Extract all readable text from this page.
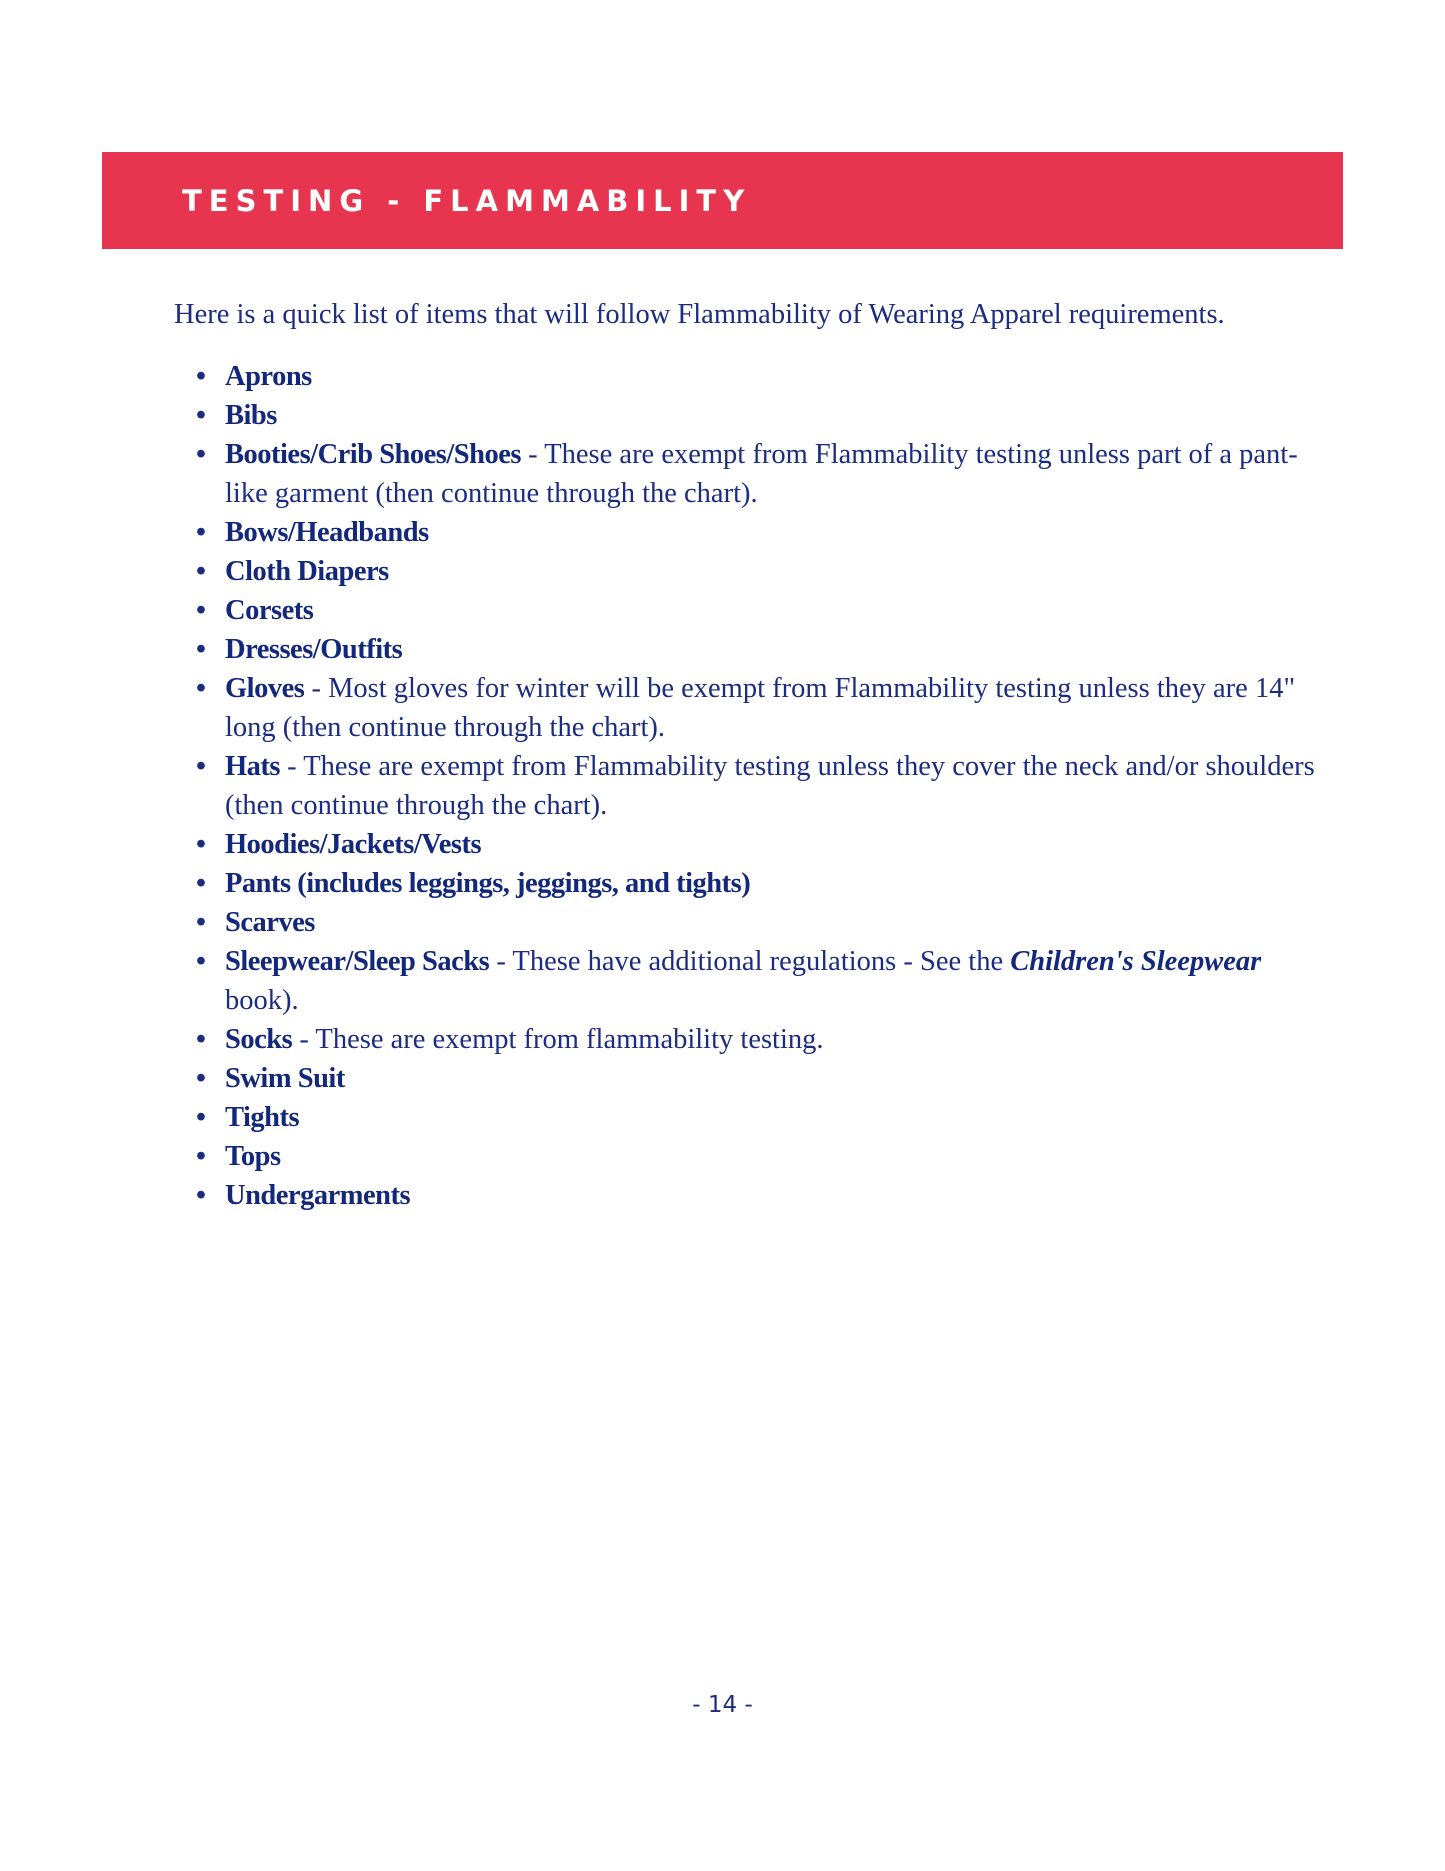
TESTING - FLAMMABILITY

Here is a quick list of items that will follow Flammability of Wearing Apparel requirements.

• Aprons
• Bibs
• Booties/Crib Shoes/Shoes - These are exempt from Flammability testing unless part of a pant-like garment (then continue through the chart).
• Bows/Headbands
• Cloth Diapers
• Corsets
• Dresses/Outfits
• Gloves - Most gloves for winter will be exempt from Flammability testing unless they are 14" long (then continue through the chart).
• Hats - These are exempt from Flammability testing unless they cover the neck and/or shoulders (then continue through the chart).
• Hoodies/Jackets/Vests
• Pants (includes leggings, jeggings, and tights)
• Scarves
• Sleepwear/Sleep Sacks - These have additional regulations - See the Children's Sleepwear book).
• Socks - These are exempt from flammability testing.
• Swim Suit
• Tights
• Tops
• Undergarments

- 14 -
